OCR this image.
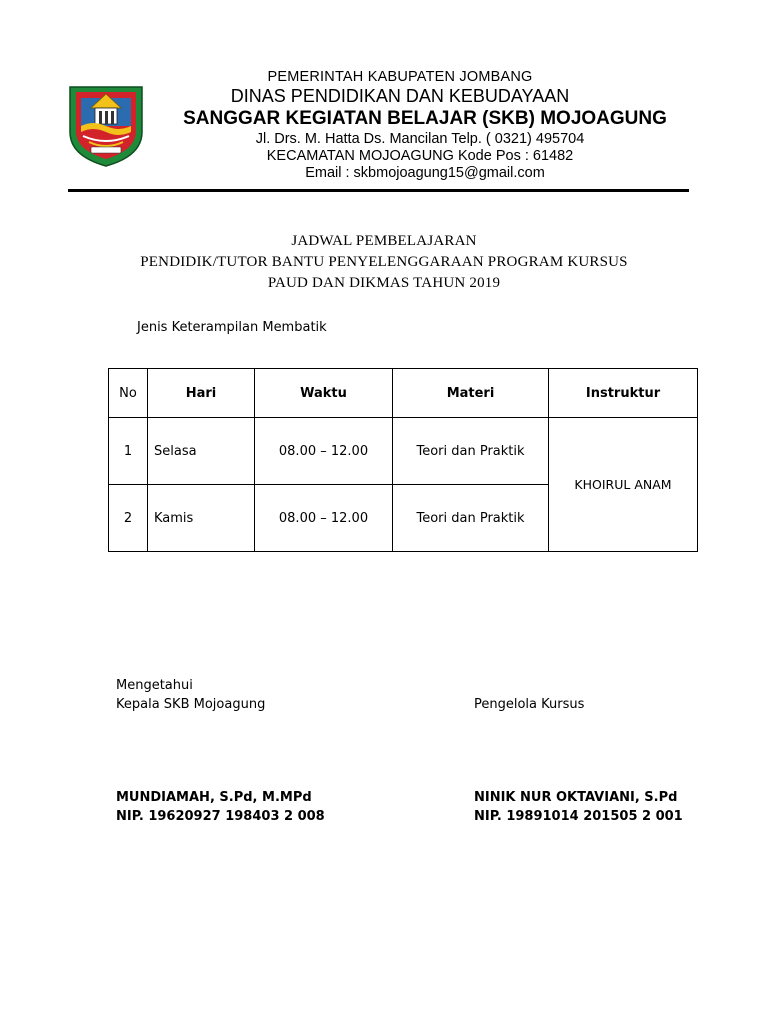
PEMERINTAH KABUPATEN JOMBANG
DINAS PENDIDIKAN DAN KEBUDAYAAN
SANGGAR KEGIATAN BELAJAR (SKB) MOJOAGUNG
Jl. Drs. M. Hatta Ds. Mancilan Telp. ( 0321) 495704
KECAMATAN MOJOAGUNG Kode Pos : 61482
Email : skbmojoagung15@gmail.com
JADWAL PEMBELAJARAN
PENDIDIK/TUTOR BANTU PENYELENGGARAAN PROGRAM KURSUS
PAUD DAN DIKMAS TAHUN 2019
Jenis Keterampilan Membatik
No	Hari	Waktu	Materi	Instruktur
1	Selasa	08.00 – 12.00	Teori dan Praktik	KHOIRUL ANAM
2	Kamis	08.00 – 12.00	Teori dan Praktik	
Mengetahui
Kepala SKB Mojoagung	Pengelola Kursus
MUNDIAMAH, S.Pd, M.MPd
NIP. 19620927 198403 2 008
NINIK NUR OKTAVIANI, S.Pd
NIP. 19891014 201505 2 001
